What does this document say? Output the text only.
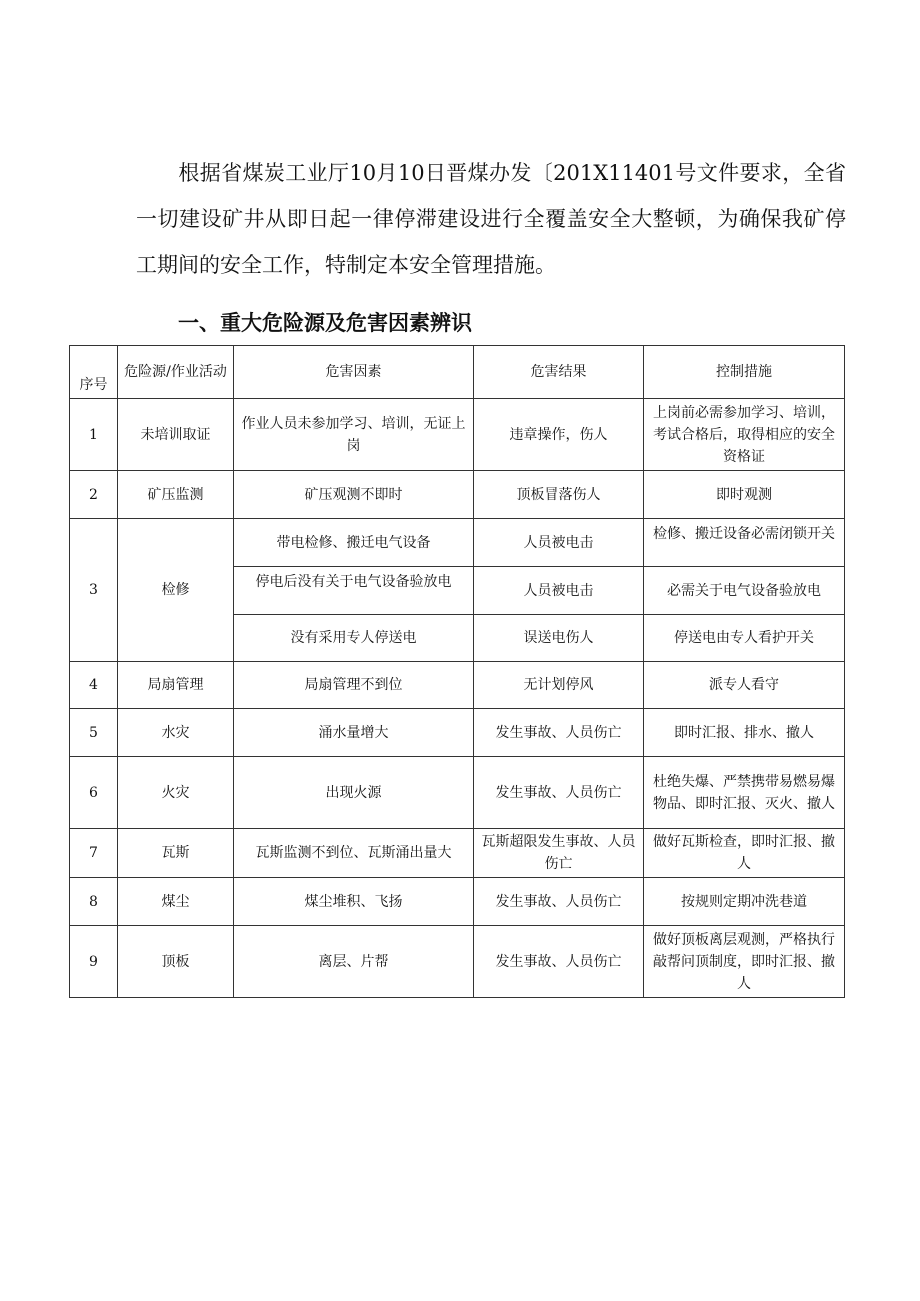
根据省煤炭工业厅10月10日晋煤办发〔201X11401号文件要求，全省一切建设矿井从即日起一律停滞建设进行全覆盖安全大整顿，为确保我矿停工期间的安全工作，特制定本安全管理措施。

一、重大危险源及危害因素辨识
序号	危险源/作业活动	危害因素	危害结果	控制措施
1	未培训取证	作业人员未参加学习、培训，无证上岗	违章操作，伤人	上岗前必需参加学习、培训，考试合格后，取得相应的安全资格证
2	矿压监测	矿压观测不即时	顶板冒落伤人	即时观测
3	检修	带电检修、搬迁电气设备	人员被电击	检修、搬迁设备必需闭锁开关
		停电后没有关于电气设备验放电	人员被电击	必需关于电气设备验放电
		没有采用专人停送电	误送电伤人	停送电由专人看护开关
4	局扇管理	局扇管理不到位	无计划停风	派专人看守
5	水灾	涌水量增大	发生事故、人员伤亡	即时汇报、排水、撤人
6	火灾	出现火源	发生事故、人员伤亡	杜绝失爆、严禁携带易燃易爆物品、即时汇报、灭火、撤人
7	瓦斯	瓦斯监测不到位、瓦斯涌出量大	瓦斯超限发生事故、人员伤亡	做好瓦斯检查，即时汇报、撤人
8	煤尘	煤尘堆积、飞扬	发生事故、人员伤亡	按规则定期冲洗巷道
9	顶板	离层、片帮	发生事故、人员伤亡	做好顶板离层观测，严格执行敲帮问顶制度，即时汇报、撤人
